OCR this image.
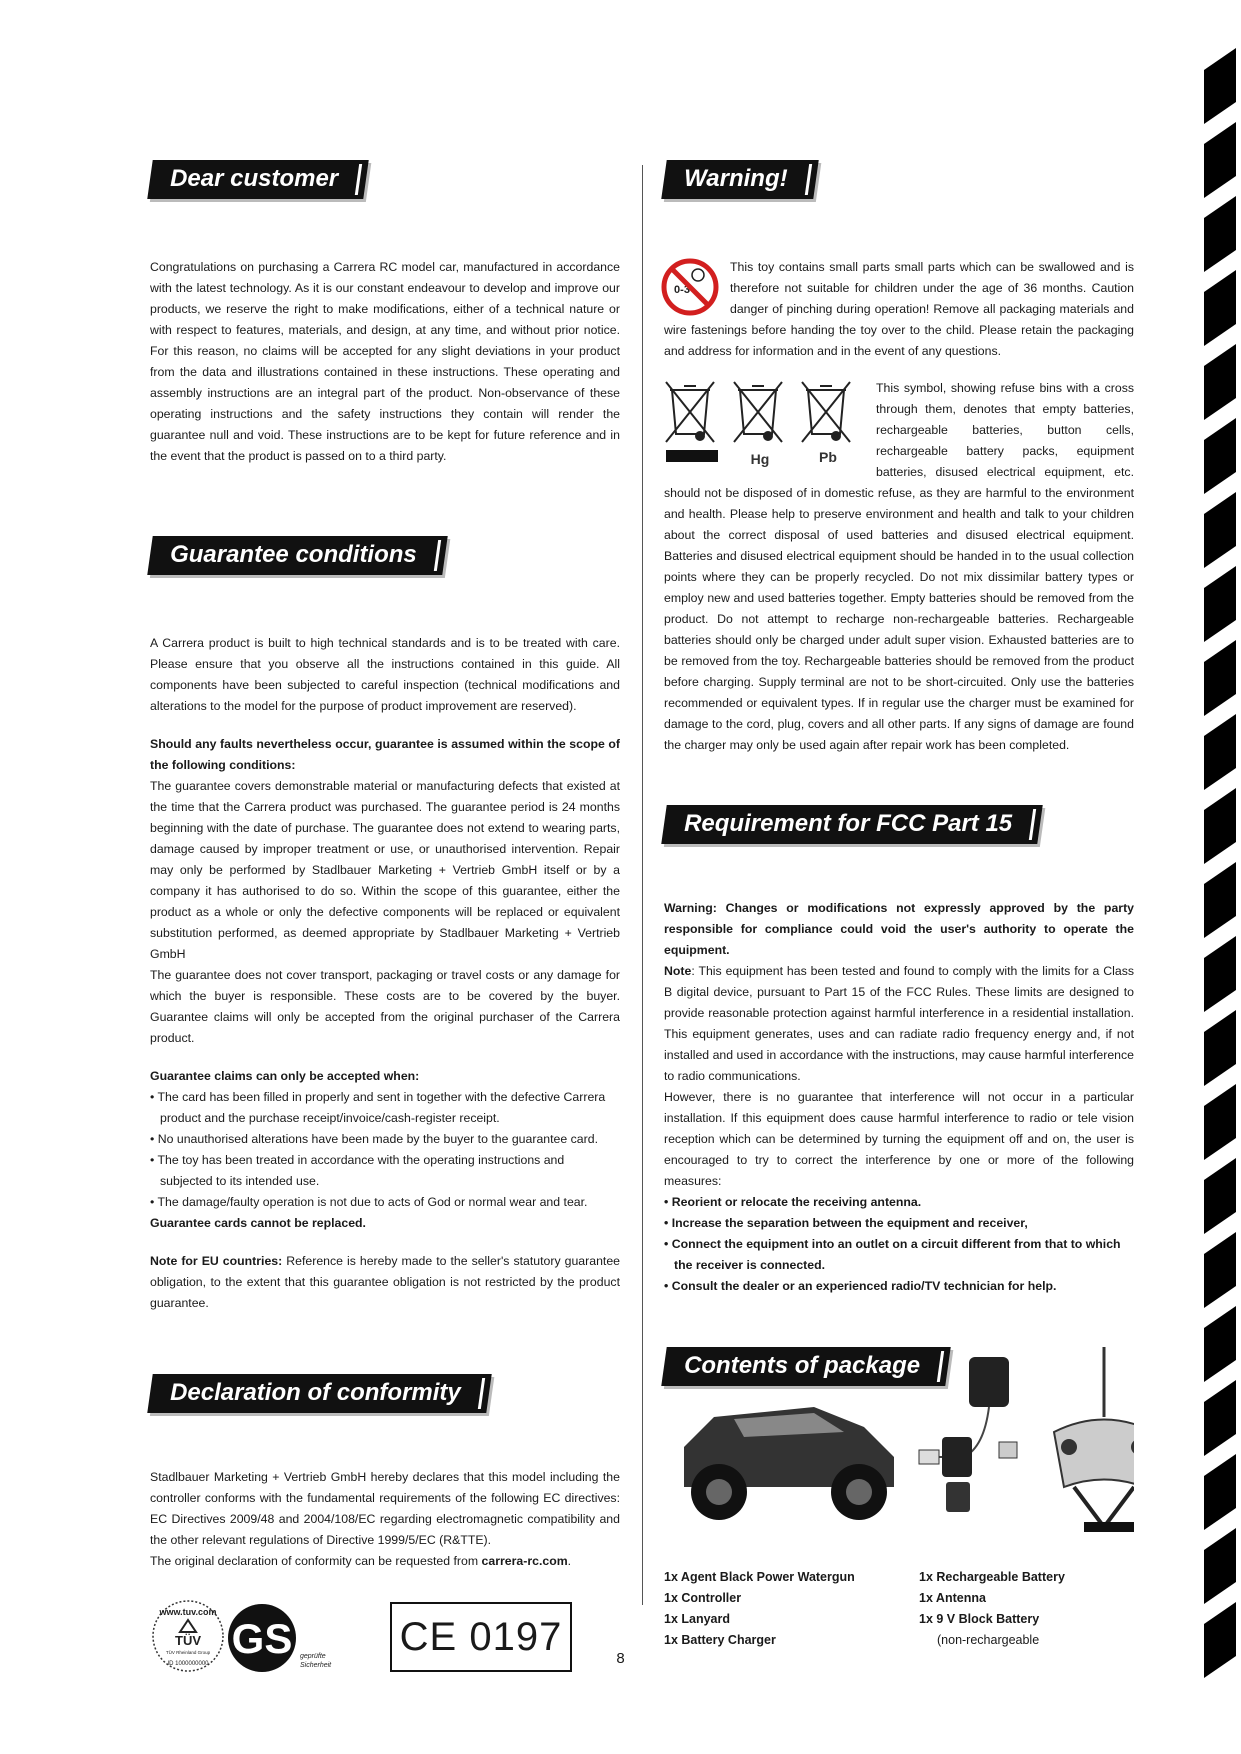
Dear customer

Congratulations on purchasing a Carrera RC model car, manufactured in accordance with the latest technology. As it is our constant endeavour to develop and improve our products, we reserve the right to make modifications, either of a technical nature or with respect to features, materials, and design, at any time, and without prior notice. For this reason, no claims will be accepted for any slight deviations in your product from the data and illustrations contained in these instructions. These operating and assembly instructions are an integral part of the product. Non-observance of these operating instructions and the safety instructions they contain will render the guarantee null and void. These instructions are to be kept for future reference and in the event that the product is passed on to a third party.

Guarantee conditions

A Carrera product is built to high technical standards and is to be treated with care. Please ensure that you observe all the instructions contained in this guide. All components have been subjected to careful inspection (technical modifications and alterations to the model for the purpose of product improvement are reserved).

Should any faults nevertheless occur, guarantee is assumed within the scope of the following conditions:

The guarantee covers demonstrable material or manufacturing defects that existed at the time that the Carrera product was purchased. The guarantee period is 24 months beginning with the date of purchase. The guarantee does not extend to wearing parts, damage caused by improper treatment or use, or unauthorised intervention. Repair may only be performed by Stadlbauer Marketing + Vertrieb GmbH itself or by a company it has authorised to do so. Within the scope of this guarantee, either the product as a whole or only the defective components will be replaced or equivalent substitution performed, as deemed appropriate by Stadlbauer Marketing + Vertrieb GmbH

The guarantee does not cover transport, packaging or travel costs or any damage for which the buyer is responsible. These costs are to be covered by the buyer. Guarantee claims will only be accepted from the original purchaser of the Carrera product.

Guarantee claims can only be accepted when:

• The card has been filled in properly and sent in together with the defective Carrera product and the purchase receipt/invoice/cash-register receipt.
• No unauthorised alterations have been made by the buyer to the guarantee card.
• The toy has been treated in accordance with the operating instructions and subjected to its intended use.
• The damage/faulty operation is not due to acts of God or normal wear and tear.

Guarantee cards cannot be replaced.

Note for EU countries: Reference is hereby made to the seller's statutory guarantee obligation, to the extent that this guarantee obligation is not restricted by the product guarantee.

Declaration of conformity

Stadlbauer Marketing + Vertrieb GmbH hereby declares that this model including the controller conforms with the fundamental requirements of the following EC directives: EC Directives 2009/48 and 2004/108/EC regarding electromagnetic compatibility and the other relevant regulations of Directive 1999/5/EC (R&TTE).

The original declaration of conformity can be requested from carrera-rc.com.

www.tuv.com
TÜV
TÜV Rheinland Group
ID 1000000000
GS geprüfte
Sicherheit
CE 0197
Warning!
0-3

This toy contains small parts small parts which can be swallowed and is therefore not suitable for children under the age of 36 months. Caution danger of pinching during operation! Remove all packaging materials and wire fastenings before handing the toy over to the child. Please retain the packaging and address for information and in the event of any questions.

Hg	Pb

This symbol, showing refuse bins with a cross through them, denotes that empty batteries, rechargeable batteries, button cells, rechargeable battery packs, equipment batteries, disused electrical equipment, etc. should not be disposed of in domestic refuse, as they are harmful to the environment and health. Please help to preserve environment and health and talk to your children about the correct disposal of used batteries and disused electrical equipment. Batteries and disused electrical equipment should be handed in to the usual collection points where they can be properly recycled. Do not mix dissimilar battery types or employ new and used batteries together. Empty batteries should be removed from the product. Do not attempt to recharge non-rechargeable batteries. Rechargeable batteries should only be charged under adult super vision. Exhausted batteries are to be removed from the toy. Rechargeable batteries should be removed from the product before charging. Supply terminal are not to be short-circuited. Only use the batteries recommended or equivalent types. If in regular use the charger must be examined for damage to the cord, plug, covers and all other parts. If any signs of damage are found the charger may only be used again after repair work has been completed.

Requirement for FCC Part 15

Warning: Changes or modifications not expressly approved by the party responsible for compliance could void the user's authority to operate the equipment.

Note: This equipment has been tested and found to comply with the limits for a Class B digital device, pursuant to Part 15 of the FCC Rules. These limits are designed to provide reasonable protection against harmful interference in a residential installation. This equipment generates, uses and can radiate radio frequency energy and, if not installed and used in accordance with the instructions, may cause harmful interference to radio communications.

However, there is no guarantee that interference will not occur in a particular installation. If this equipment does cause harmful interference to radio or tele vision reception which can be determined by turning the equipment off and on, the user is encouraged to try to correct the interference by one or more of the following measures:

• Reorient or relocate the receiving antenna.
• Increase the separation between the equipment and receiver,
• Connect the equipment into an outlet on a circuit different from that to which the receiver is connected.
• Consult the dealer or an experienced radio/TV technician for help.
Contents of package
1x Agent Black Power Watergun
1x Controller
1x Lanyard
1x Battery Charger
1x Rechargeable Battery
1x Antenna
1x 9 V Block Battery
(non-rechargeable
8
